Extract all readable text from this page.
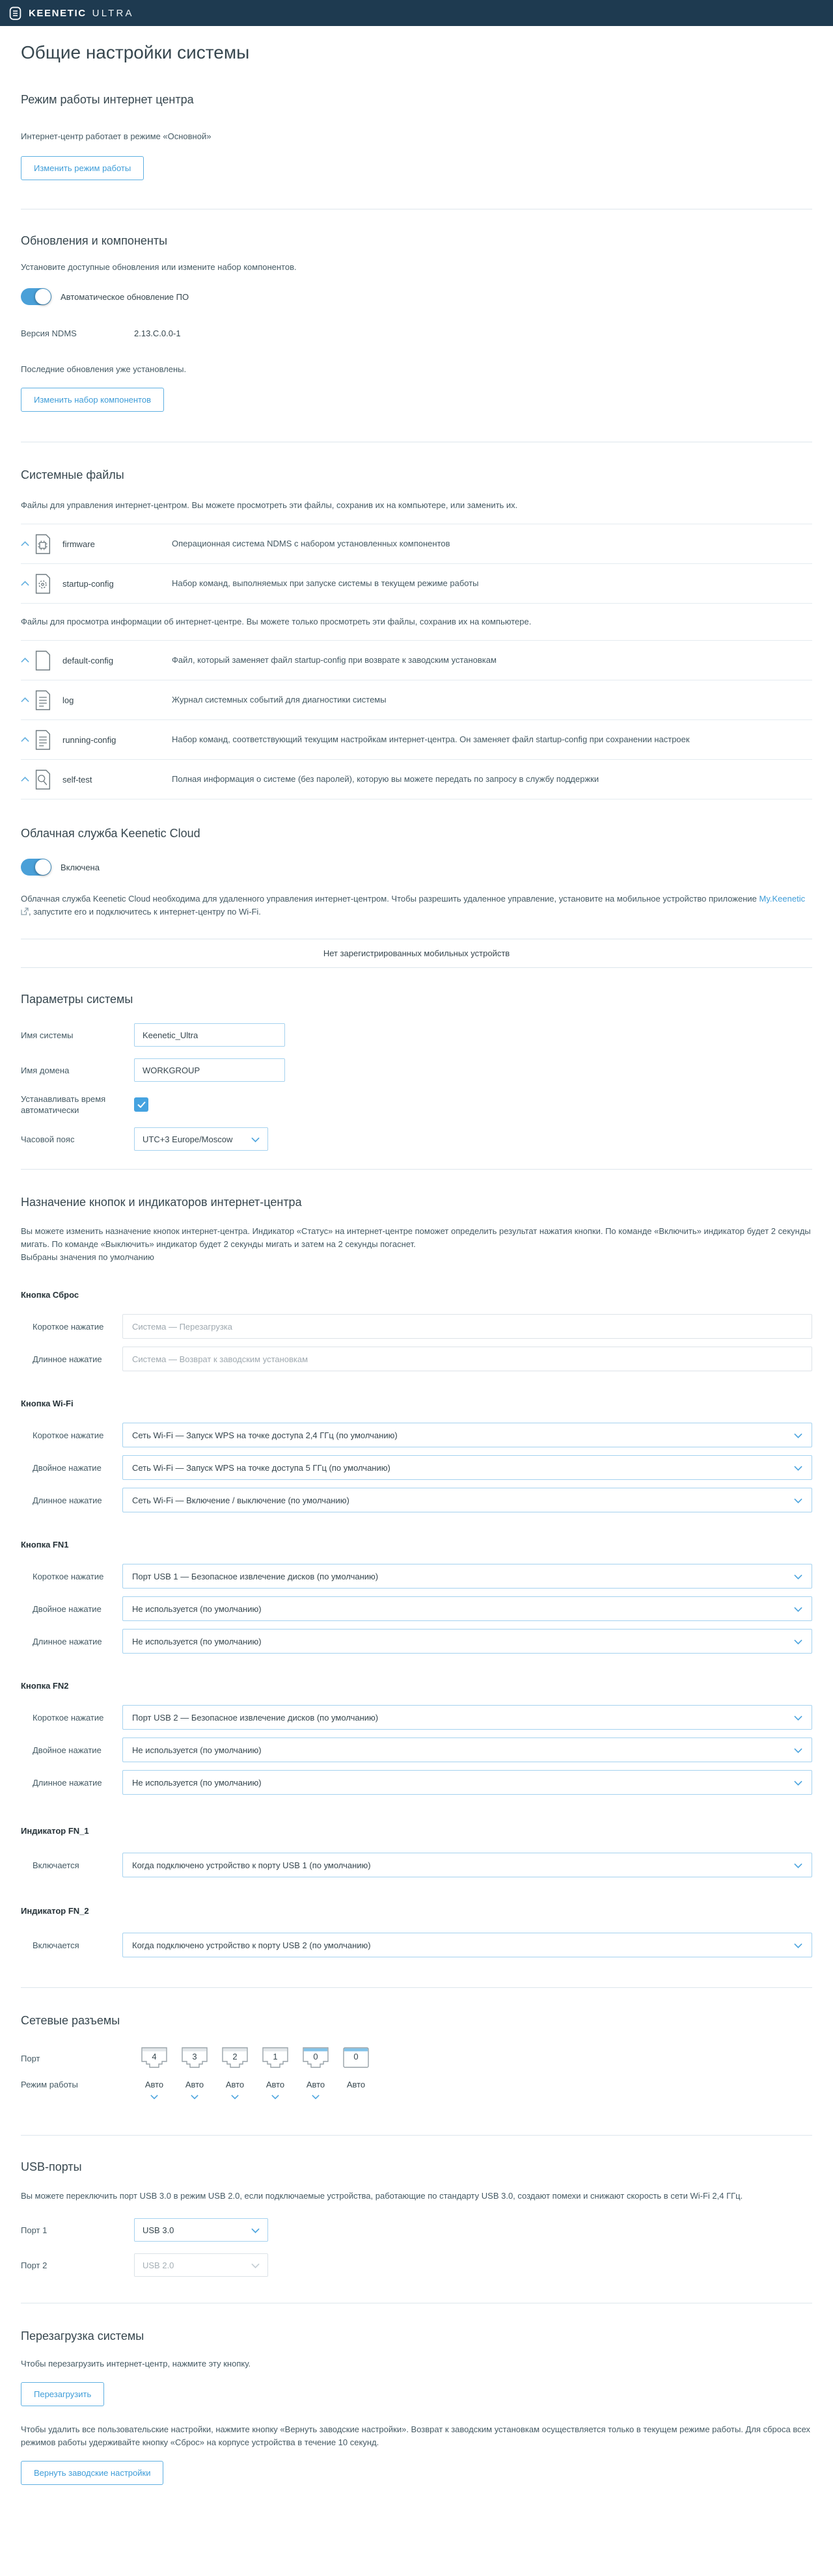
KEENETIC ULTRA
Общие настройки системы
Режим работы интернет центра
Интернет-центр работает в режиме «Основной»
Изменить режим работы
Обновления и компоненты
Установите доступные обновления или измените набор компонентов.
Автоматическое обновление ПО
Версия NDMS	2.13.C.0.0-1
Последние обновления уже установлены.
Изменить набор компонентов
Системные файлы
Файлы для управления интернет-центром. Вы можете просмотреть эти файлы, сохранив их на компьютере, или заменить их.
firmware	Операционная система NDMS с набором установленных компонентов
startup-config	Набор команд, выполняемых при запуске системы в текущем режиме работы
Файлы для просмотра информации об интернет-центре. Вы можете только просмотреть эти файлы, сохранив их на компьютере.
default-config	Файл, который заменяет файл startup-config при возврате к заводским установкам
log	Журнал системных событий для диагностики системы
running-config	Набор команд, соответствующий текущим настройкам интернет-центра. Он заменяет файл startup-config при сохранении настроек
self-test	Полная информация о системе (без паролей), которую вы можете передать по запросу в службу поддержки
Облачная служба Keenetic Cloud
Включена
Облачная служба Keenetic Cloud необходима для удаленного управления интернет-центром. Чтобы разрешить удаленное управление, установите на мобильное устройство приложение My.Keenetic , запустите его и подключитесь к интернет-центру по Wi-Fi.
Нет зарегистрированных мобильных устройств
Параметры системы
Имя системы	Keenetic_Ultra
Имя домена	WORKGROUP
Устанавливать время автоматически
Часовой пояс	UTC+3 Europe/Moscow
Назначение кнопок и индикаторов интернет-центра
Вы можете изменить назначение кнопок интернет-центра. Индикатор «Статус» на интернет-центре поможет определить результат нажатия кнопки. По команде «Включить» индикатор будет 2 секунды мигать. По команде «Выключить» индикатор будет 2 секунды мигать и затем на 2 секунды погаснет.
Выбраны значения по умолчанию
Кнопка Сброс
Короткое нажатие	Система — Перезагрузка
Длинное нажатие	Система — Возврат к заводским установкам
Кнопка Wi-Fi
Короткое нажатие	Сеть Wi-Fi — Запуск WPS на точке доступа 2,4 ГГц (по умолчанию)
Двойное нажатие	Сеть Wi-Fi — Запуск WPS на точке доступа 5 ГГц (по умолчанию)
Длинное нажатие	Сеть Wi-Fi — Включение / выключение (по умолчанию)
Кнопка FN1
Короткое нажатие	Порт USB 1 — Безопасное извлечение дисков (по умолчанию)
Двойное нажатие	Не используется (по умолчанию)
Длинное нажатие	Не используется (по умолчанию)
Кнопка FN2
Короткое нажатие	Порт USB 2 — Безопасное извлечение дисков (по умолчанию)
Двойное нажатие	Не используется (по умолчанию)
Длинное нажатие	Не используется (по умолчанию)
Индикатор FN_1
Включается	Когда подключено устройство к порту USB 1 (по умолчанию)
Индикатор FN_2
Включается	Когда подключено устройство к порту USB 2 (по умолчанию)
Сетевые разъемы
Порт	4	3	2	1	0	0
Режим работы	Авто	Авто	Авто	Авто	Авто	Авто
USB-порты
Вы можете переключить порт USB 3.0 в режим USB 2.0, если подключаемые устройства, работающие по стандарту USB 3.0, создают помехи и снижают скорость в сети Wi-Fi 2,4 ГГц.
Порт 1	USB 3.0
Порт 2	USB 2.0
Перезагрузка системы
Чтобы перезагрузить интернет-центр, нажмите эту кнопку.
Перезагрузить
Чтобы удалить все пользовательские настройки, нажмите кнопку «Вернуть заводские настройки». Возврат к заводским установкам осуществляется только в текущем режиме работы. Для сброса всех режимов работы удерживайте кнопку «Сброс» на корпусе устройства в течение 10 секунд.
Вернуть заводские настройки
